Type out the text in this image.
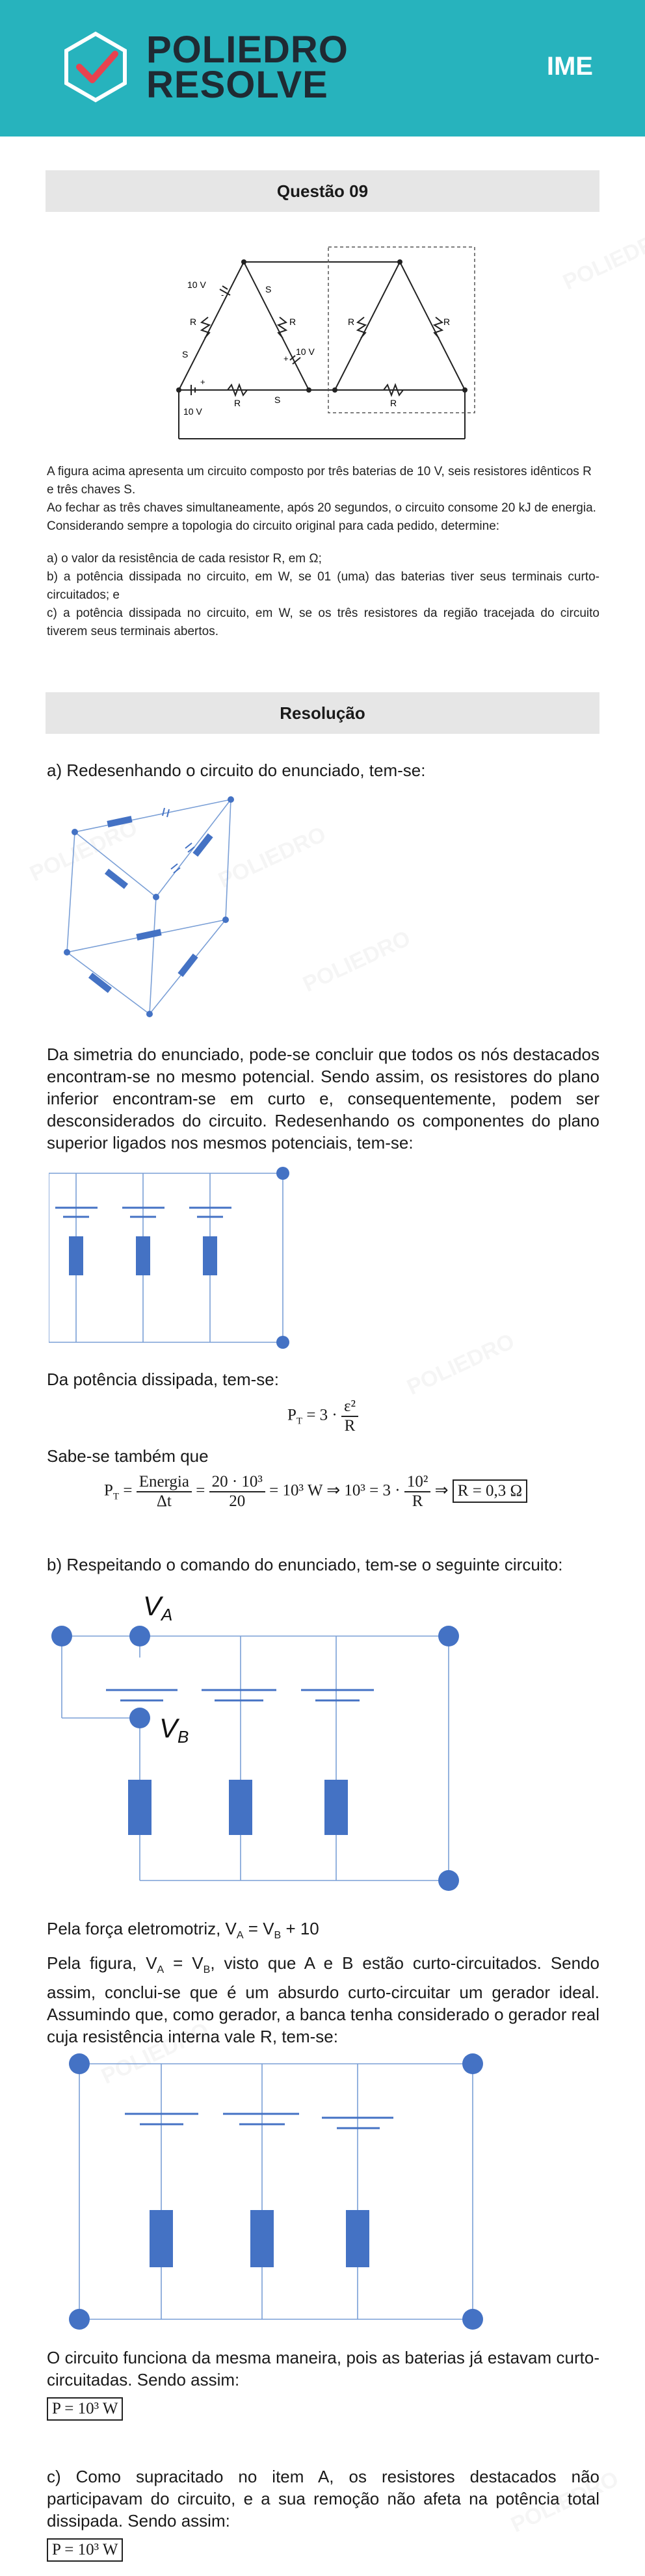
POLIEDRO
RESOLVE	IME
Questão 09
10 V
10 V
10 V
R	R
R
R	R
R
S
S
S
-
+
+

A figura acima apresenta um circuito composto por três baterias de 10 V, seis resistores idênticos R e três chaves S.

Ao fechar as três chaves simultaneamente, após 20 segundos, o circuito consome 20 kJ de energia.

Considerando sempre a topologia do circuito original para cada pedido, determine:

a) o valor da resistência de cada resistor R, em Ω;

b) a potência dissipada no circuito, em W, se 01 (uma) das baterias tiver seus terminais curto-circuitados; e

c) a potência dissipada no circuito, em W, se os três resistores da região tracejada do circuito tiverem seus terminais abertos.

Resolução
a) Redesenhando o circuito do enunciado, tem-se:
Da simetria do enunciado, pode-se concluir que todos os nós destacados encontram-se no mesmo potencial. Sendo assim, os resistores do plano inferior encontram-se em curto e, consequentemente, podem ser desconsiderados do circuito. Redesenhando os componentes do plano superior ligados nos mesmos potenciais, tem-se:
Da potência dissipada, tem-se:
$P_T = 3 \cdot \frac{\text{ε²}}{R}$
Sabe-se também que
$P_T = \frac{\text{Energia}}{\Delta t} = \frac{\text{20 · 10³}}{20} = 10^3$ W ⇒ $10^3 = 3 \cdot \frac{\text{10²}}{R}$ ⇒ R = 0,3 Ω
b) Respeitando o comando do enunciado, tem-se o seguinte circuito:
VA
VB
Pela força eletromotriz, $V_A = V_B + 10$
Pela figura, $V_A = V_B$, visto que A e B estão curto-circuitados. Sendo assim, conclui-se que é um absurdo curto-circuitar um gerador ideal. Assumindo que, como gerador, a banca tenha considerado o gerador real cuja resistência interna vale R, tem-se:
O circuito funciona da mesma maneira, pois as baterias já estavam curto-circuitadas. Sendo assim:
P = 10³ W
c) Como supracitado no item A, os resistores destacados não participavam do circuito, e a sua remoção não afeta na potência total dissipada. Sendo assim:
P = 10³ W
